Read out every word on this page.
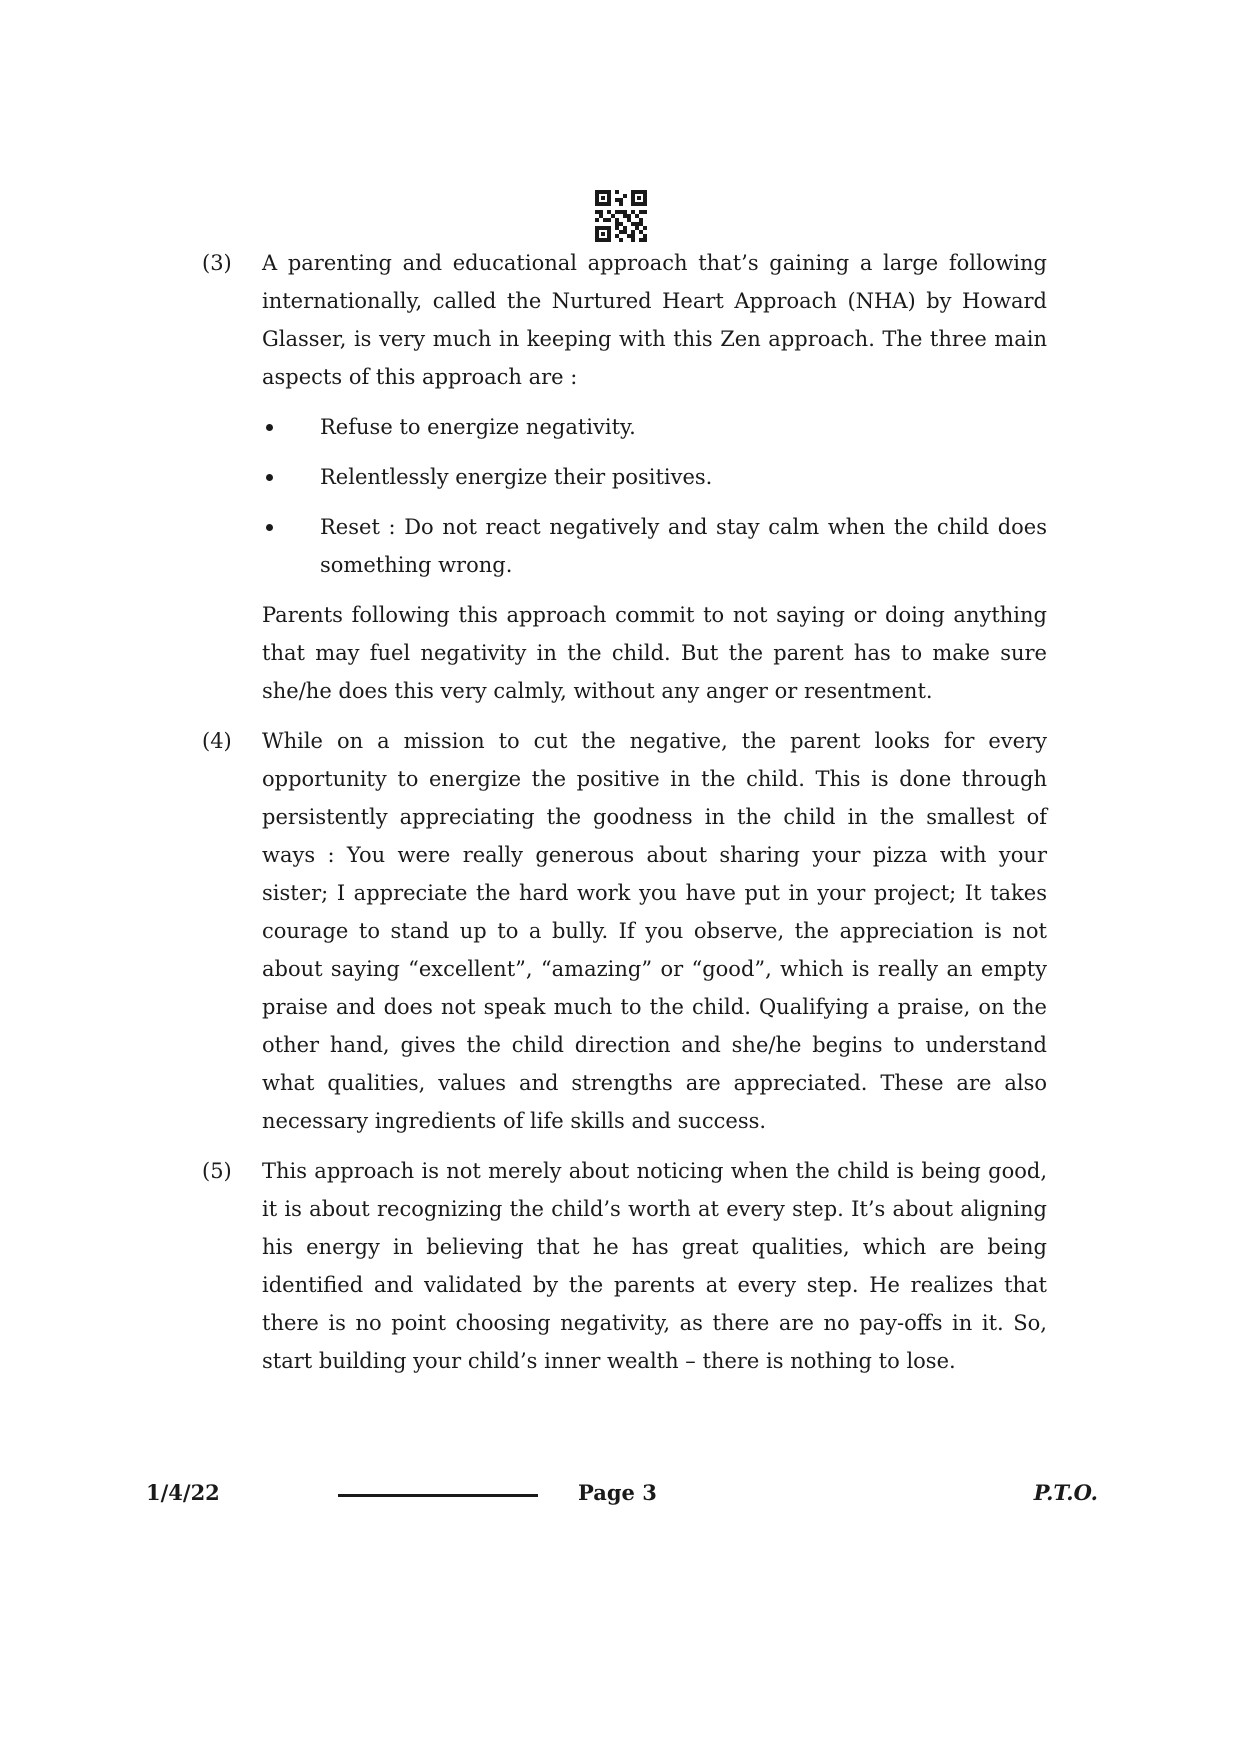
(3) A parenting and educational approach that’s gaining a large following internationally, called the Nurtured Heart Approach (NHA) by Howard Glasser, is very much in keeping with this Zen approach. The three main aspects of this approach are :

Refuse to energize negativity.
Relentlessly energize their positives.
Reset : Do not react negatively and stay calm when the child does something wrong.

Parents following this approach commit to not saying or doing anything that may fuel negativity in the child. But the parent has to make sure she/he does this very calmly, without any anger or resentment.

(4) While on a mission to cut the negative, the parent looks for every opportunity to energize the positive in the child. This is done through persistently appreciating the goodness in the child in the smallest of ways : You were really generous about sharing your pizza with your sister; I appreciate the hard work you have put in your project; It takes courage to stand up to a bully. If you observe, the appreciation is not about saying “excellent”, “amazing” or “good”, which is really an empty praise and does not speak much to the child. Qualifying a praise, on the other hand, gives the child direction and she/he begins to understand what qualities, values and strengths are appreciated. These are also necessary ingredients of life skills and success.

(5) This approach is not merely about noticing when the child is being good, it is about recognizing the child’s worth at every step. It’s about aligning his energy in believing that he has great qualities, which are being identified and validated by the parents at every step. He realizes that there is no point choosing negativity, as there are no pay-offs in it. So, start building your child’s inner wealth – there is nothing to lose.

1/4/22	Page 3	P.T.O.
